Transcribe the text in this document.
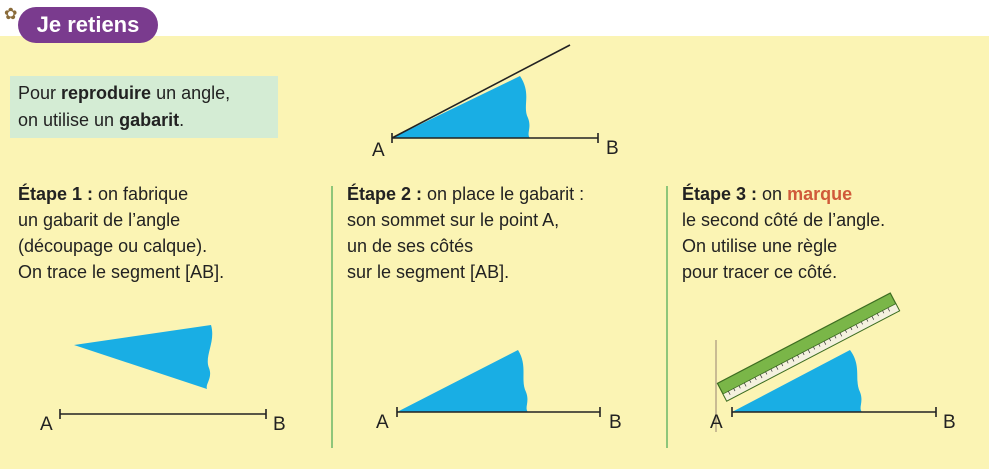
✿ Je retiens
Pour reproduire un angle,
on utilise un gabarit.
A	B
Étape 1 : on fabrique
un gabarit de l’angle
(découpage ou calque).
On trace le segment [AB].
Étape 2 : on place le gabarit :
son sommet sur le point A,
un de ses côtés
sur le segment [AB].
Étape 3 : on marque
le second côté de l’angle.
On utilise une règle
pour tracer ce côté.
A	B	A	B	A	B
